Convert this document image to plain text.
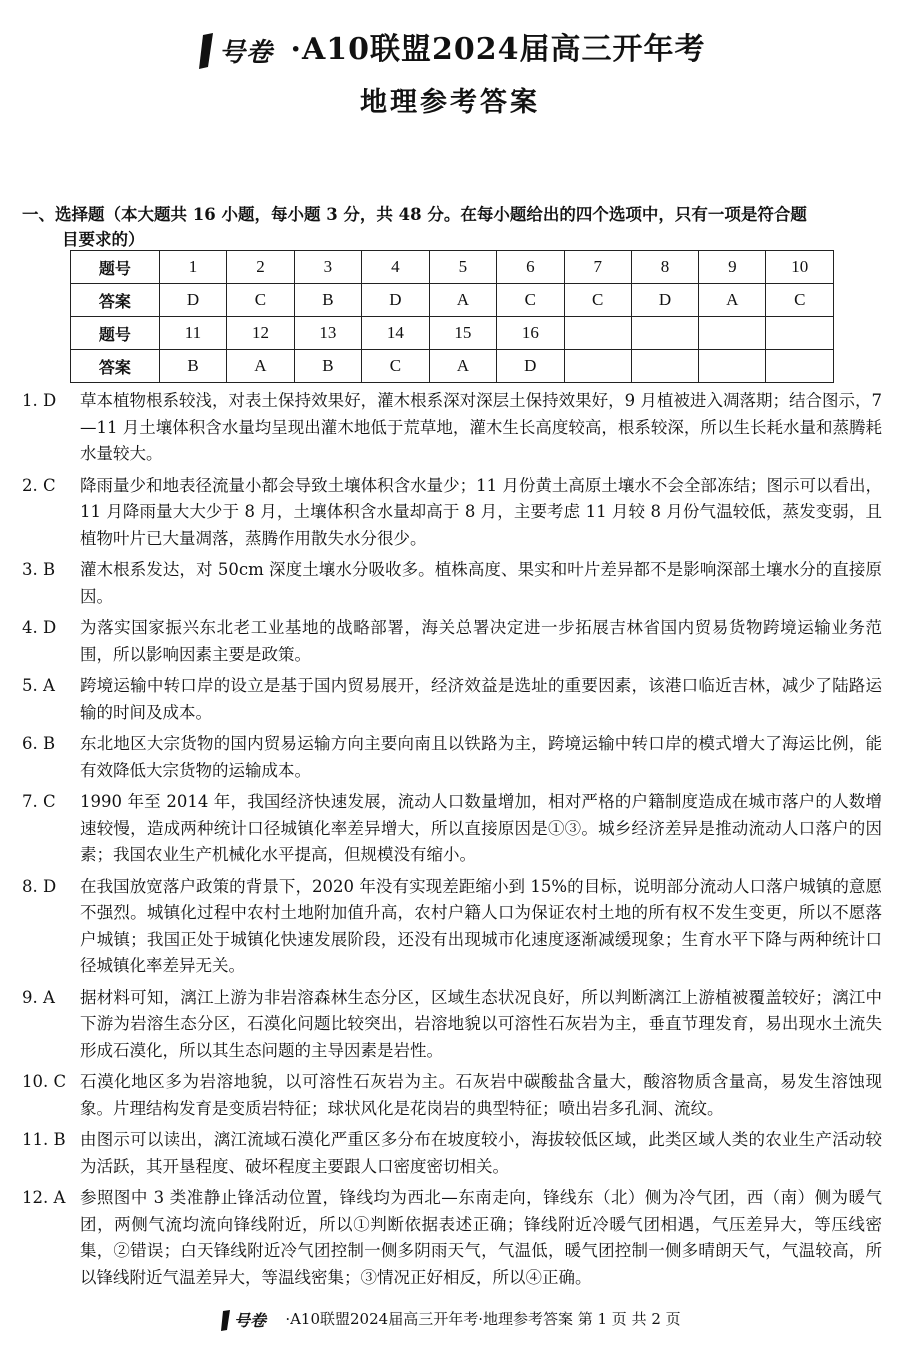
号卷 ·A10联盟2024届高三开年考
地理参考答案
一、选择题（本大题共 16 小题，每小题 3 分，共 48 分。在每小题给出的四个选项中，只有一项是符合题
目要求的）
题号	1	2	3	4	5	6	7	8	9	10
答案	D	C	B	D	A	C	C	D	A	C
题号	11	12	13	14	15	16				
答案	B	A	B	C	A	D				
1. D	草本植物根系较浅，对表土保持效果好，灌木根系深对深层土保持效果好，9 月植被进入凋落期；结合图示，7—11 月土壤体积含水量均呈现出灌木地低于荒草地，灌木生长高度较高，根系较深，所以生长耗水量和蒸腾耗水量较大。
2. C	降雨量少和地表径流量小都会导致土壤体积含水量少；11 月份黄土高原土壤水不会全部冻结；图示可以看出，11 月降雨量大大少于 8 月，土壤体积含水量却高于 8 月，主要考虑 11 月较 8 月份气温较低，蒸发变弱，且植物叶片已大量凋落，蒸腾作用散失水分很少。
3. B	灌木根系发达，对 50cm 深度土壤水分吸收多。植株高度、果实和叶片差异都不是影响深部土壤水分的直接原因。
4. D	为落实国家振兴东北老工业基地的战略部署，海关总署决定进一步拓展吉林省国内贸易货物跨境运输业务范围，所以影响因素主要是政策。
5. A	跨境运输中转口岸的设立是基于国内贸易展开，经济效益是选址的重要因素，该港口临近吉林，减少了陆路运输的时间及成本。
6. B	东北地区大宗货物的国内贸易运输方向主要向南且以铁路为主，跨境运输中转口岸的模式增大了海运比例，能有效降低大宗货物的运输成本。
7. C	1990 年至 2014 年，我国经济快速发展，流动人口数量增加，相对严格的户籍制度造成在城市落户的人数增速较慢，造成两种统计口径城镇化率差异增大，所以直接原因是①③。城乡经济差异是推动流动人口落户的因素；我国农业生产机械化水平提高，但规模没有缩小。
8. D	在我国放宽落户政策的背景下，2020 年没有实现差距缩小到 15%的目标，说明部分流动人口落户城镇的意愿不强烈。城镇化过程中农村土地附加值升高，农村户籍人口为保证农村土地的所有权不发生变更，所以不愿落户城镇；我国正处于城镇化快速发展阶段，还没有出现城市化速度逐渐减缓现象；生育水平下降与两种统计口径城镇化率差异无关。
9. A	据材料可知，漓江上游为非岩溶森林生态分区，区域生态状况良好，所以判断漓江上游植被覆盖较好；漓江中下游为岩溶生态分区，石漠化问题比较突出，岩溶地貌以可溶性石灰岩为主，垂直节理发育，易出现水土流失形成石漠化，所以其生态问题的主导因素是岩性。
10. C 石漠化地区多为岩溶地貌，以可溶性石灰岩为主。石灰岩中碳酸盐含量大，酸溶物质含量高，易发生溶蚀现象。片理结构发育是变质岩特征；球状风化是花岗岩的典型特征；喷出岩多孔洞、流纹。
11. B 由图示可以读出，漓江流域石漠化严重区多分布在坡度较小，海拔较低区域，此类区域人类的农业生产活动较为活跃，其开垦程度、破坏程度主要跟人口密度密切相关。
12. A 参照图中 3 类准静止锋活动位置，锋线均为西北—东南走向，锋线东（北）侧为冷气团，西（南）侧为暖气团，两侧气流均流向锋线附近，所以①判断依据表述正确；锋线附近冷暖气团相遇，气压差异大，等压线密集，②错误；白天锋线附近冷气团控制一侧多阴雨天气，气温低，暖气团控制一侧多晴朗天气，气温较高，所以锋线附近气温差异大，等温线密集；③情况正好相反，所以④正确。
号卷 ·A10联盟2024届高三开年考·地理参考答案 第 1 页 共 2 页
